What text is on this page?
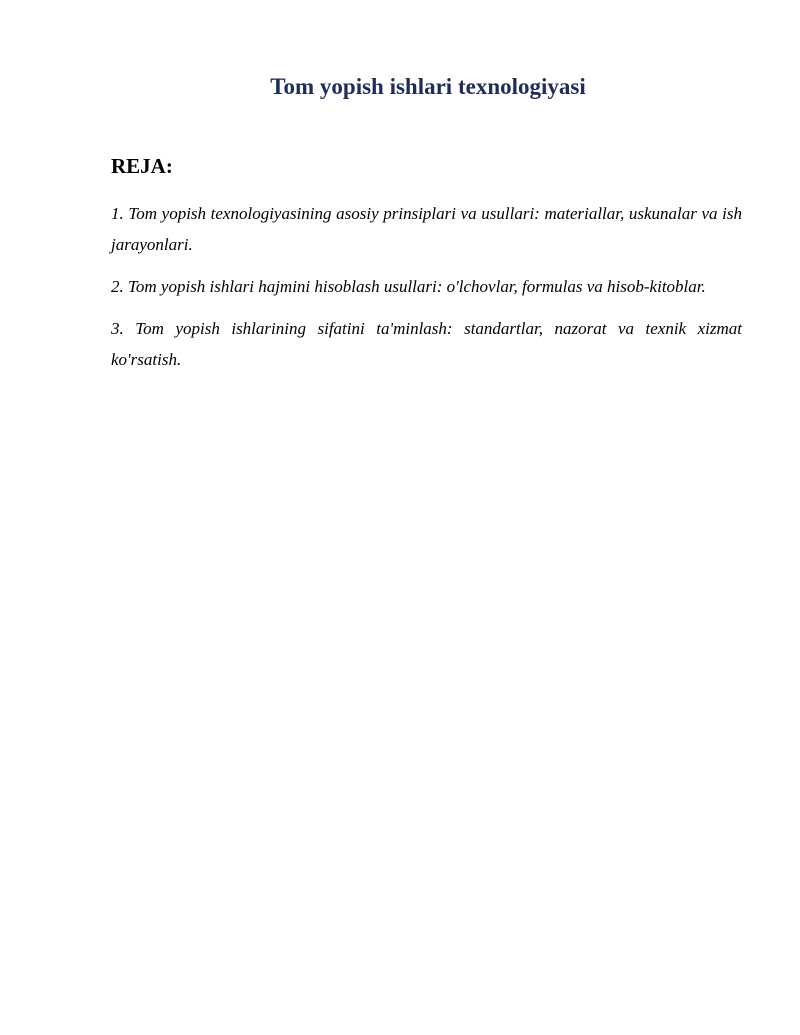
Tom yopish ishlari texnologiyasi
REJA:
1. Tom yopish texnologiyasining asosiy prinsiplari va usullari: materiallar, uskunalar va ish jarayonlari.
2. Tom yopish ishlari hajmini hisoblash usullari: o'lchovlar, formulas va hisob-kitoblar.
3. Tom yopish ishlarining sifatini ta'minlash: standartlar, nazorat va texnik xizmat ko'rsatish.
